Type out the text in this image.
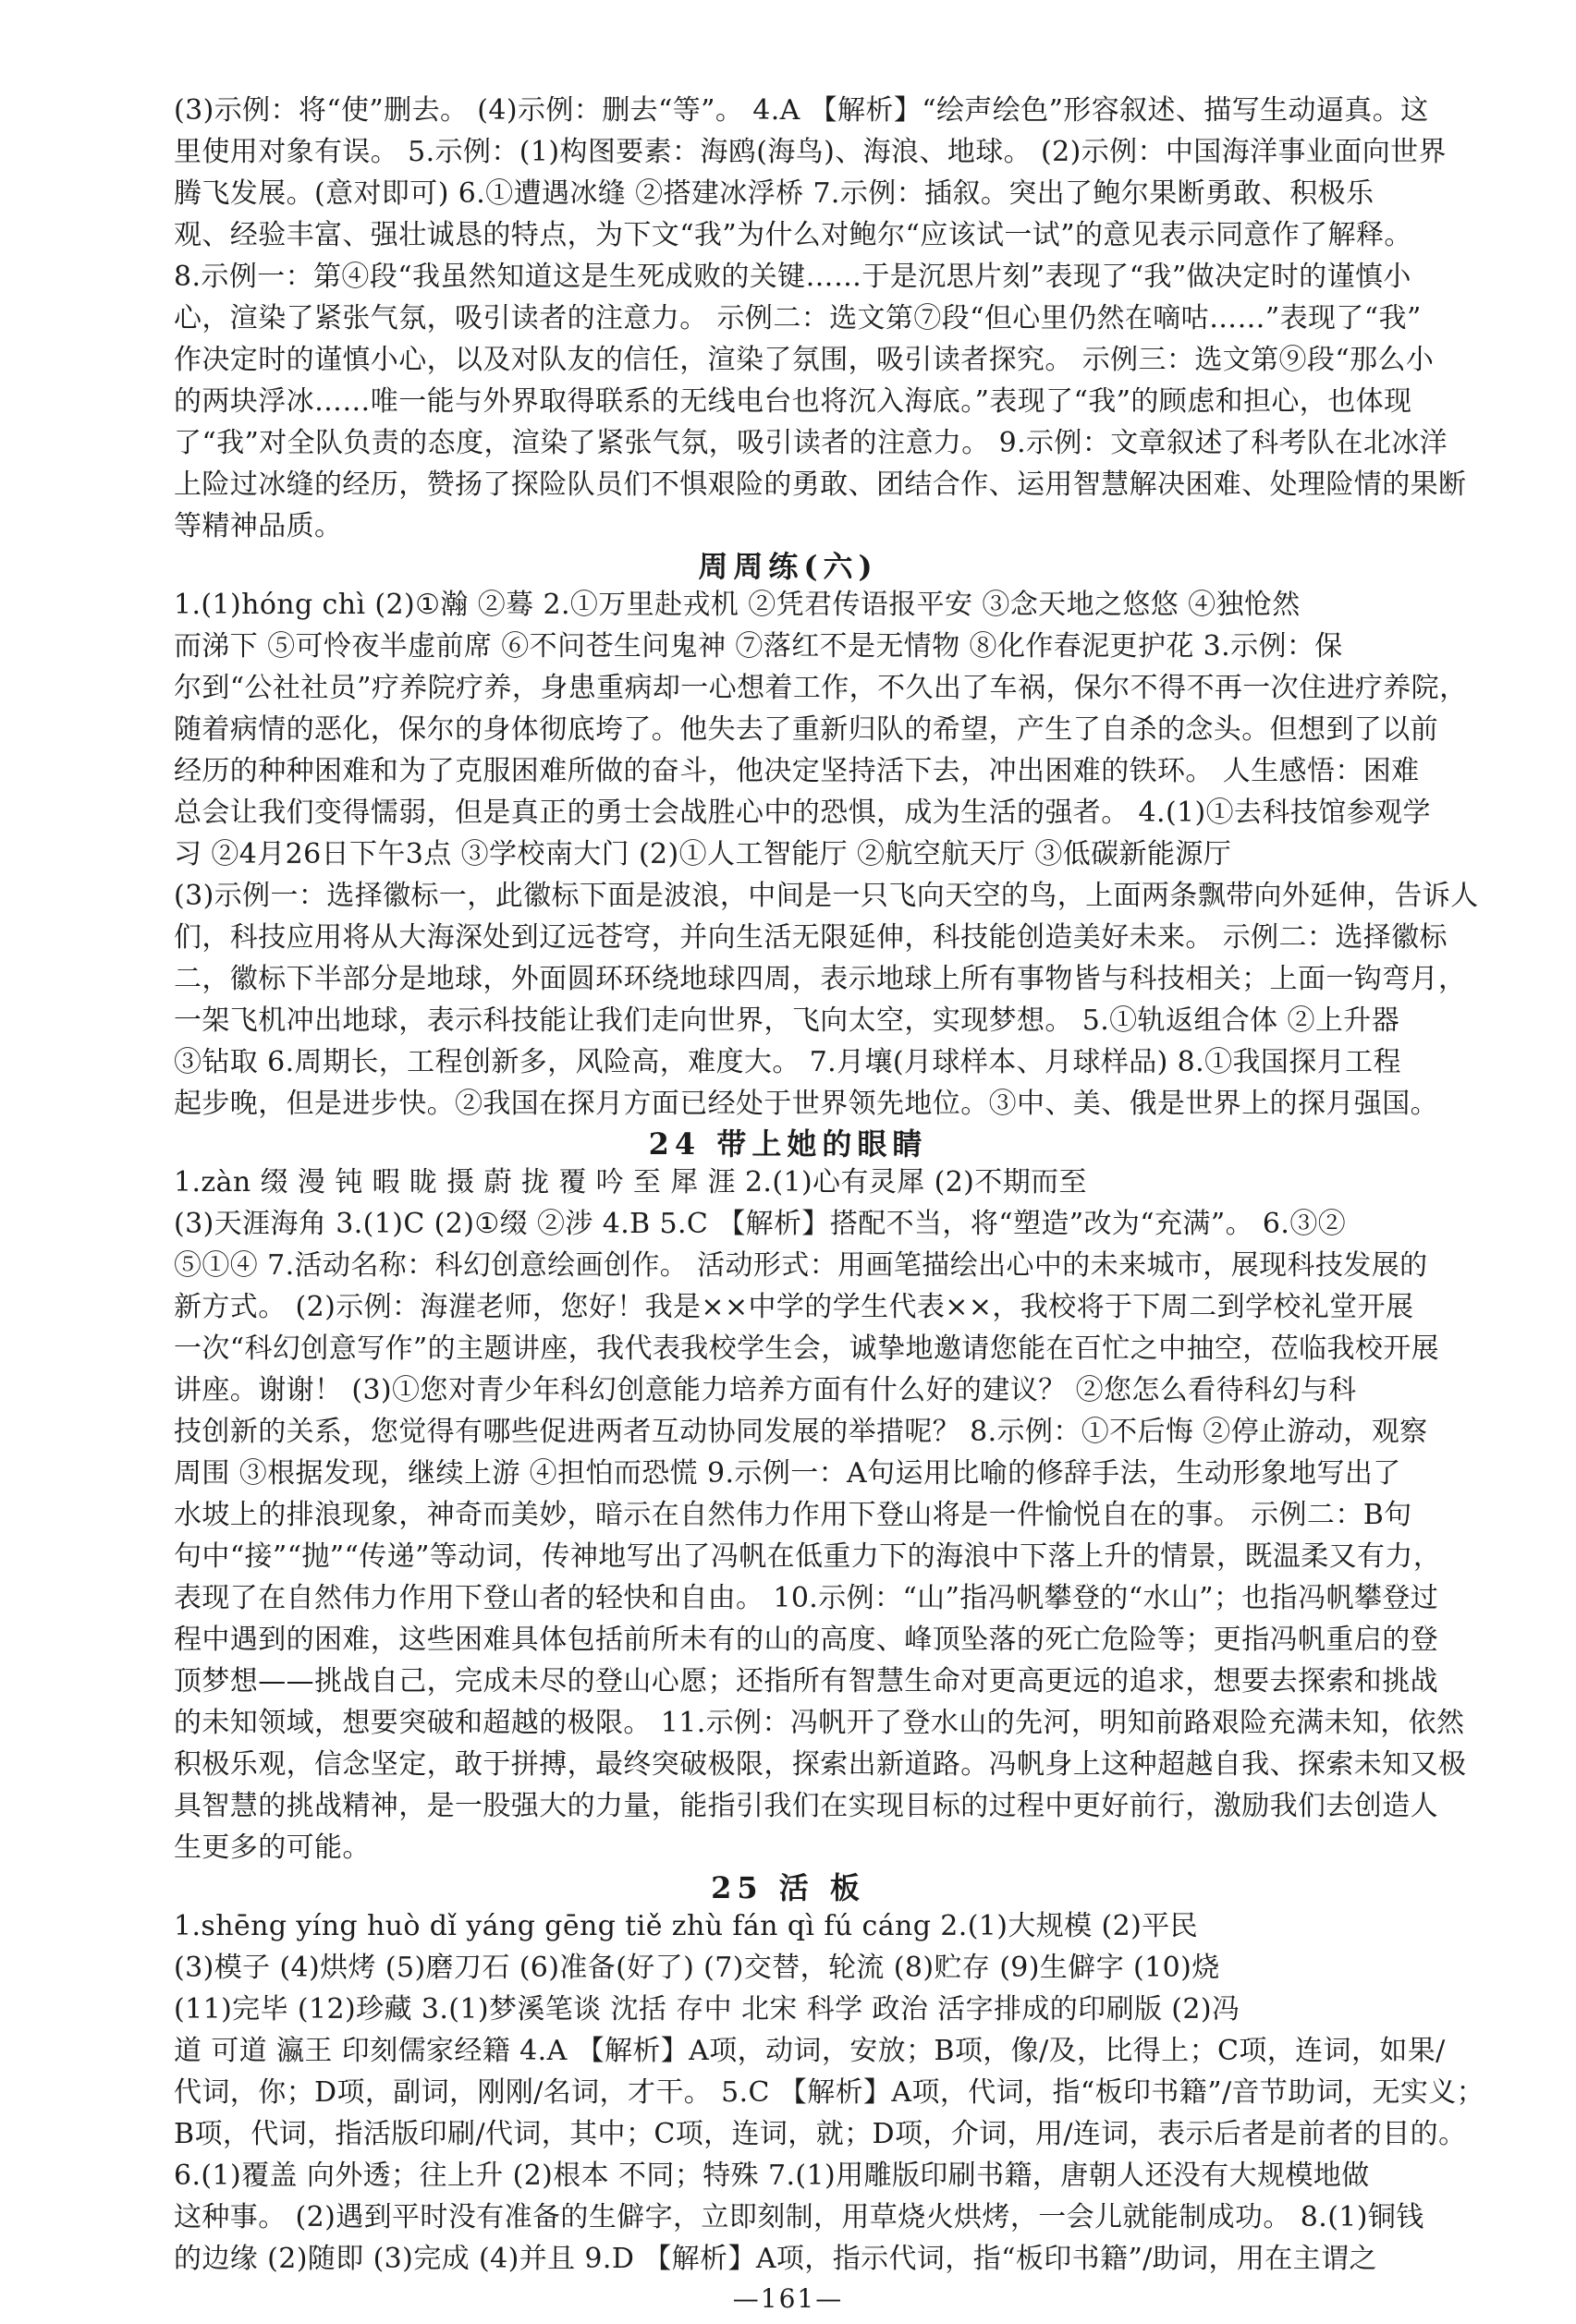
(3)示例：将“使”删去。 (4)示例：删去“等”。 4.A 【解析】“绘声绘色”形容叙述、描写生动逼真。这
里使用对象有误。 5.示例：(1)构图要素：海鸥(海鸟)、海浪、地球。 (2)示例：中国海洋事业面向世界
腾飞发展。(意对即可) 6.①遭遇冰缝 ②搭建冰浮桥 7.示例：插叙。突出了鲍尔果断勇敢、积极乐
观、经验丰富、强壮诚恳的特点，为下文“我”为什么对鲍尔“应该试一试”的意见表示同意作了解释。
8.示例一：第④段“我虽然知道这是生死成败的关键……于是沉思片刻”表现了“我”做决定时的谨慎小
心，渲染了紧张气氛，吸引读者的注意力。 示例二：选文第⑦段“但心里仍然在嘀咕……”表现了“我”
作决定时的谨慎小心，以及对队友的信任，渲染了氛围，吸引读者探究。 示例三：选文第⑨段“那么小
的两块浮冰……唯一能与外界取得联系的无线电台也将沉入海底。”表现了“我”的顾虑和担心，也体现
了“我”对全队负责的态度，渲染了紧张气氛，吸引读者的注意力。 9.示例：文章叙述了科考队在北冰洋
上险过冰缝的经历，赞扬了探险队员们不惧艰险的勇敢、团结合作、运用智慧解决困难、处理险情的果断
等精神品质。
周周练(六)
1.(1)hóng chì (2)①瀚 ②蓦 2.①万里赴戎机 ②凭君传语报平安 ③念天地之悠悠 ④独怆然
而涕下 ⑤可怜夜半虚前席 ⑥不问苍生问鬼神 ⑦落红不是无情物 ⑧化作春泥更护花 3.示例：保
尔到“公社社员”疗养院疗养，身患重病却一心想着工作，不久出了车祸，保尔不得不再一次住进疗养院，
随着病情的恶化，保尔的身体彻底垮了。他失去了重新归队的希望，产生了自杀的念头。但想到了以前
经历的种种困难和为了克服困难所做的奋斗，他决定坚持活下去，冲出困难的铁环。 人生感悟：困难
总会让我们变得懦弱，但是真正的勇士会战胜心中的恐惧，成为生活的强者。 4.(1)①去科技馆参观学
习 ②4月26日下午3点 ③学校南大门 (2)①人工智能厅 ②航空航天厅 ③低碳新能源厅
(3)示例一：选择徽标一，此徽标下面是波浪，中间是一只飞向天空的鸟，上面两条飘带向外延伸，告诉人
们，科技应用将从大海深处到辽远苍穹，并向生活无限延伸，科技能创造美好未来。 示例二：选择徽标
二，徽标下半部分是地球，外面圆环环绕地球四周，表示地球上所有事物皆与科技相关；上面一钩弯月，
一架飞机冲出地球，表示科技能让我们走向世界，飞向太空，实现梦想。 5.①轨返组合体 ②上升器
③钻取 6.周期长，工程创新多，风险高，难度大。 7.月壤(月球样本、月球样品) 8.①我国探月工程
起步晚，但是进步快。②我国在探月方面已经处于世界领先地位。③中、美、俄是世界上的探月强国。
24 带上她的眼睛
1.zàn 缀 漫 钝 暇 眬 摄 蔚 拢 覆 吟 至 犀 涯 2.(1)心有灵犀 (2)不期而至
(3)天涯海角 3.(1)C (2)①缀 ②涉 4.B 5.C 【解析】搭配不当，将“塑造”改为“充满”。 6.③②
⑤①④ 7.活动名称：科幻创意绘画创作。 活动形式：用画笔描绘出心中的未来城市，展现科技发展的
新方式。 (2)示例：海漄老师，您好！我是××中学的学生代表××，我校将于下周二到学校礼堂开展
一次“科幻创意写作”的主题讲座，我代表我校学生会，诚挚地邀请您能在百忙之中抽空，莅临我校开展
讲座。谢谢！ (3)①您对青少年科幻创意能力培养方面有什么好的建议？ ②您怎么看待科幻与科
技创新的关系，您觉得有哪些促进两者互动协同发展的举措呢？ 8.示例：①不后悔 ②停止游动，观察
周围 ③根据发现，继续上游 ④担怕而恐慌 9.示例一：A句运用比喻的修辞手法，生动形象地写出了
水坡上的排浪现象，神奇而美妙，暗示在自然伟力作用下登山将是一件愉悦自在的事。 示例二：B句
句中“接”“抛”“传递”等动词，传神地写出了冯帆在低重力下的海浪中下落上升的情景，既温柔又有力，
表现了在自然伟力作用下登山者的轻快和自由。 10.示例：“山”指冯帆攀登的“水山”；也指冯帆攀登过
程中遇到的困难，这些困难具体包括前所未有的山的高度、峰顶坠落的死亡危险等；更指冯帆重启的登
顶梦想——挑战自己，完成未尽的登山心愿；还指所有智慧生命对更高更远的追求，想要去探索和挑战
的未知领域，想要突破和超越的极限。 11.示例：冯帆开了登水山的先河，明知前路艰险充满未知，依然
积极乐观，信念坚定，敢于拼搏，最终突破极限，探索出新道路。冯帆身上这种超越自我、探索未知又极
具智慧的挑战精神，是一股强大的力量，能指引我们在实现目标的过程中更好前行，激励我们去创造人
生更多的可能。
25 活 板
1.shēng yíng huò dǐ yáng gēng tiě zhù fán qì fú cáng 2.(1)大规模 (2)平民
(3)模子 (4)烘烤 (5)磨刀石 (6)准备(好了) (7)交替，轮流 (8)贮存 (9)生僻字 (10)烧
(11)完毕 (12)珍藏 3.(1)梦溪笔谈 沈括 存中 北宋 科学 政治 活字排成的印刷版 (2)冯
道 可道 瀛王 印刻儒家经籍 4.A 【解析】A项，动词，安放；B项，像/及，比得上；C项，连词，如果/
代词，你；D项，副词，刚刚/名词，才干。 5.C 【解析】A项，代词，指“板印书籍”/音节助词，无实义；
B项，代词，指活版印刷/代词，其中；C项，连词，就；D项，介词，用/连词，表示后者是前者的目的。
6.(1)覆盖 向外透；往上升 (2)根本 不同；特殊 7.(1)用雕版印刷书籍，唐朝人还没有大规模地做
这种事。 (2)遇到平时没有准备的生僻字，立即刻制，用草烧火烘烤，一会儿就能制成功。 8.(1)铜钱
的边缘 (2)随即 (3)完成 (4)并且 9.D 【解析】A项，指示代词，指“板印书籍”/助词，用在主谓之
—161—
